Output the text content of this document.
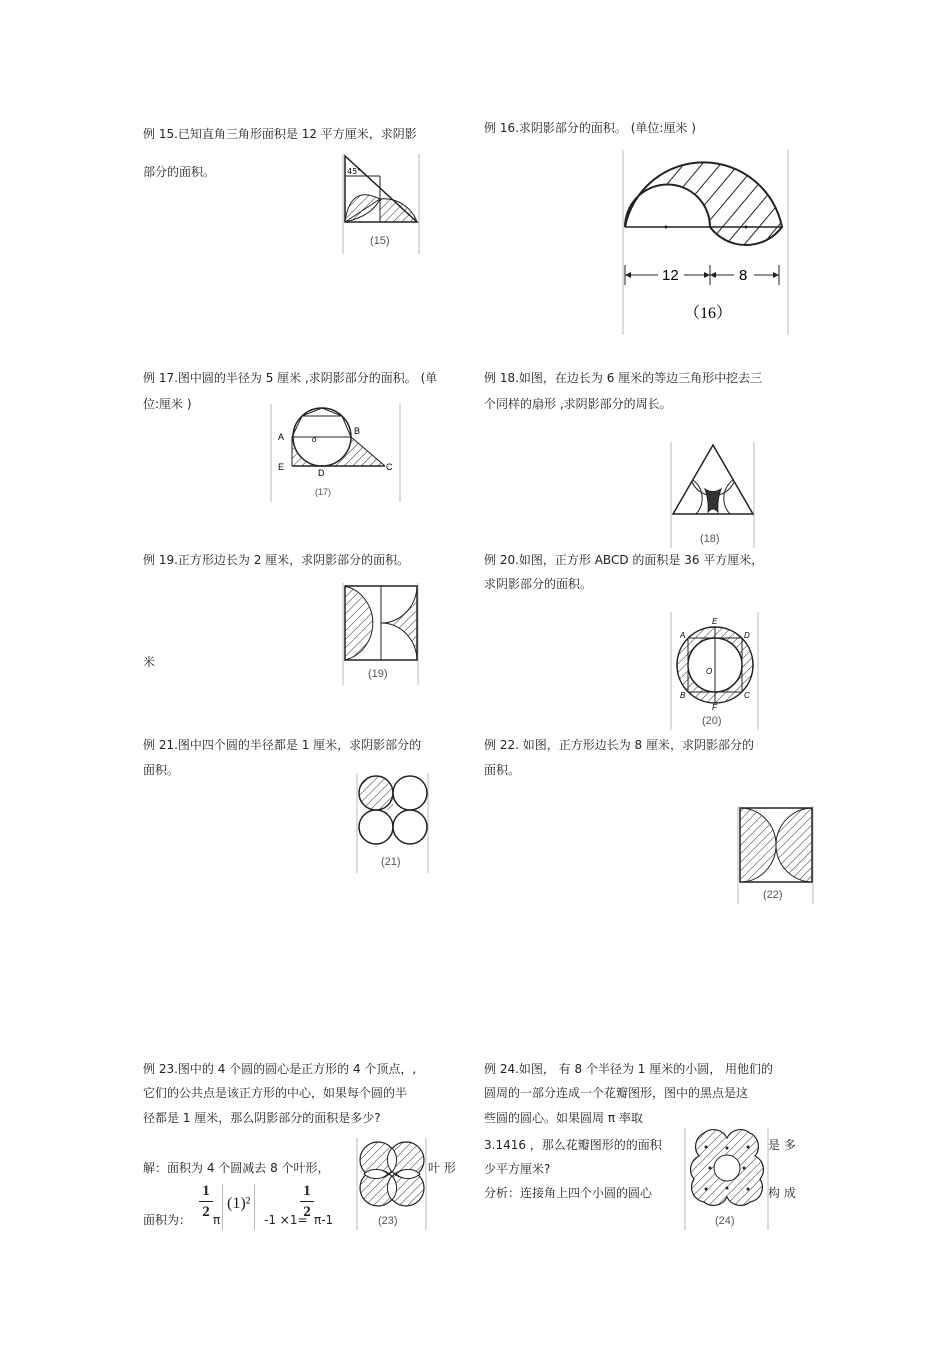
例 15.已知直角三角形面积是 12 平方厘米，求阴影
部分的面积。	45°
(15)
例 16.求阴影部分的面积。 (单位:厘米 )
12	8
（16）
例 17.图中圆的半径为 5 厘米 ,求阴影部分的面积。 (单
位:厘米 )
A
B
C
D
E
o
(17)
例 18.如图，在边长为 6 厘米的等边三角形中挖去三
个同样的扇形 ,求阴影部分的周长。
(18)
例 19.正方形边长为 2 厘米，求阴影部分的面积。
米
(19)
例 20.如图，正方形 ABCD 的面积是 36 平方厘米，
求阴影部分的面积。
A
B	C
D
E
F
O
(20)
例 21.图中四个圆的半径都是 1 厘米，求阴影部分的
面积。
(21)
例 22. 如图，正方形边长为 8 厘米，求阴影部分的
面积。
(22)
例 23.图中的 4 个圆的圆心是正方形的 4 个顶点，,
它们的公共点是该正方形的中心，如果每个圆的半
径都是 1 厘米，那么阴影部分的面积是多少?
解：面积为 4 个圆减去 8 个叶形，	叶 形
面积为：
1
2 π
(1)²
-1 ×1=
1
2 π-1	(23)
例 24.如图， 有 8 个半径为 1 厘米的小圆， 用他们的
圆周的一部分连成一个花瓣图形，图中的黑点是这
些圆的圆心。如果圆周 π 率取
3.1416 ，那么花瓣图形的的面积	是 多
少平方厘米?
分析：连接角上四个小圆的圆心	构 成
(24)
